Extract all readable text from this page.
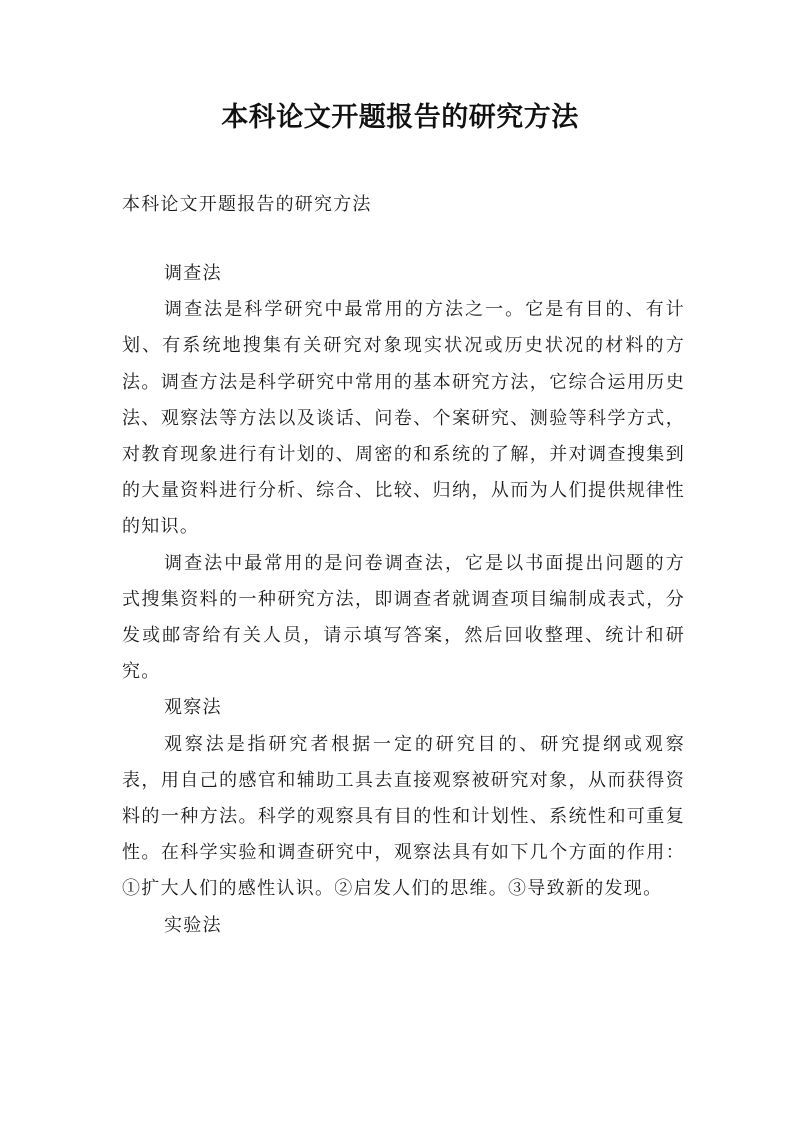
本科论文开题报告的研究方法

本科论文开题报告的研究方法

调查法

调查法是科学研究中最常用的方法之一。它是有目的、有计划、有系统地搜集有关研究对象现实状况或历史状况的材料的方法。调查方法是科学研究中常用的基本研究方法，它综合运用历史法、观察法等方法以及谈话、问卷、个案研究、测验等科学方式，对教育现象进行有计划的、周密的和系统的了解，并对调查搜集到的大量资料进行分析、综合、比较、归纳，从而为人们提供规律性的知识。

调查法中最常用的是问卷调查法，它是以书面提出问题的方式搜集资料的一种研究方法，即调查者就调查项目编制成表式，分发或邮寄给有关人员，请示填写答案，然后回收整理、统计和研究。

观察法

观察法是指研究者根据一定的研究目的、研究提纲或观察表，用自己的感官和辅助工具去直接观察被研究对象，从而获得资料的一种方法。科学的观察具有目的性和计划性、系统性和可重复性。在科学实验和调查研究中，观察法具有如下几个方面的作用：①扩大人们的感性认识。②启发人们的思维。③导致新的发现。

实验法
